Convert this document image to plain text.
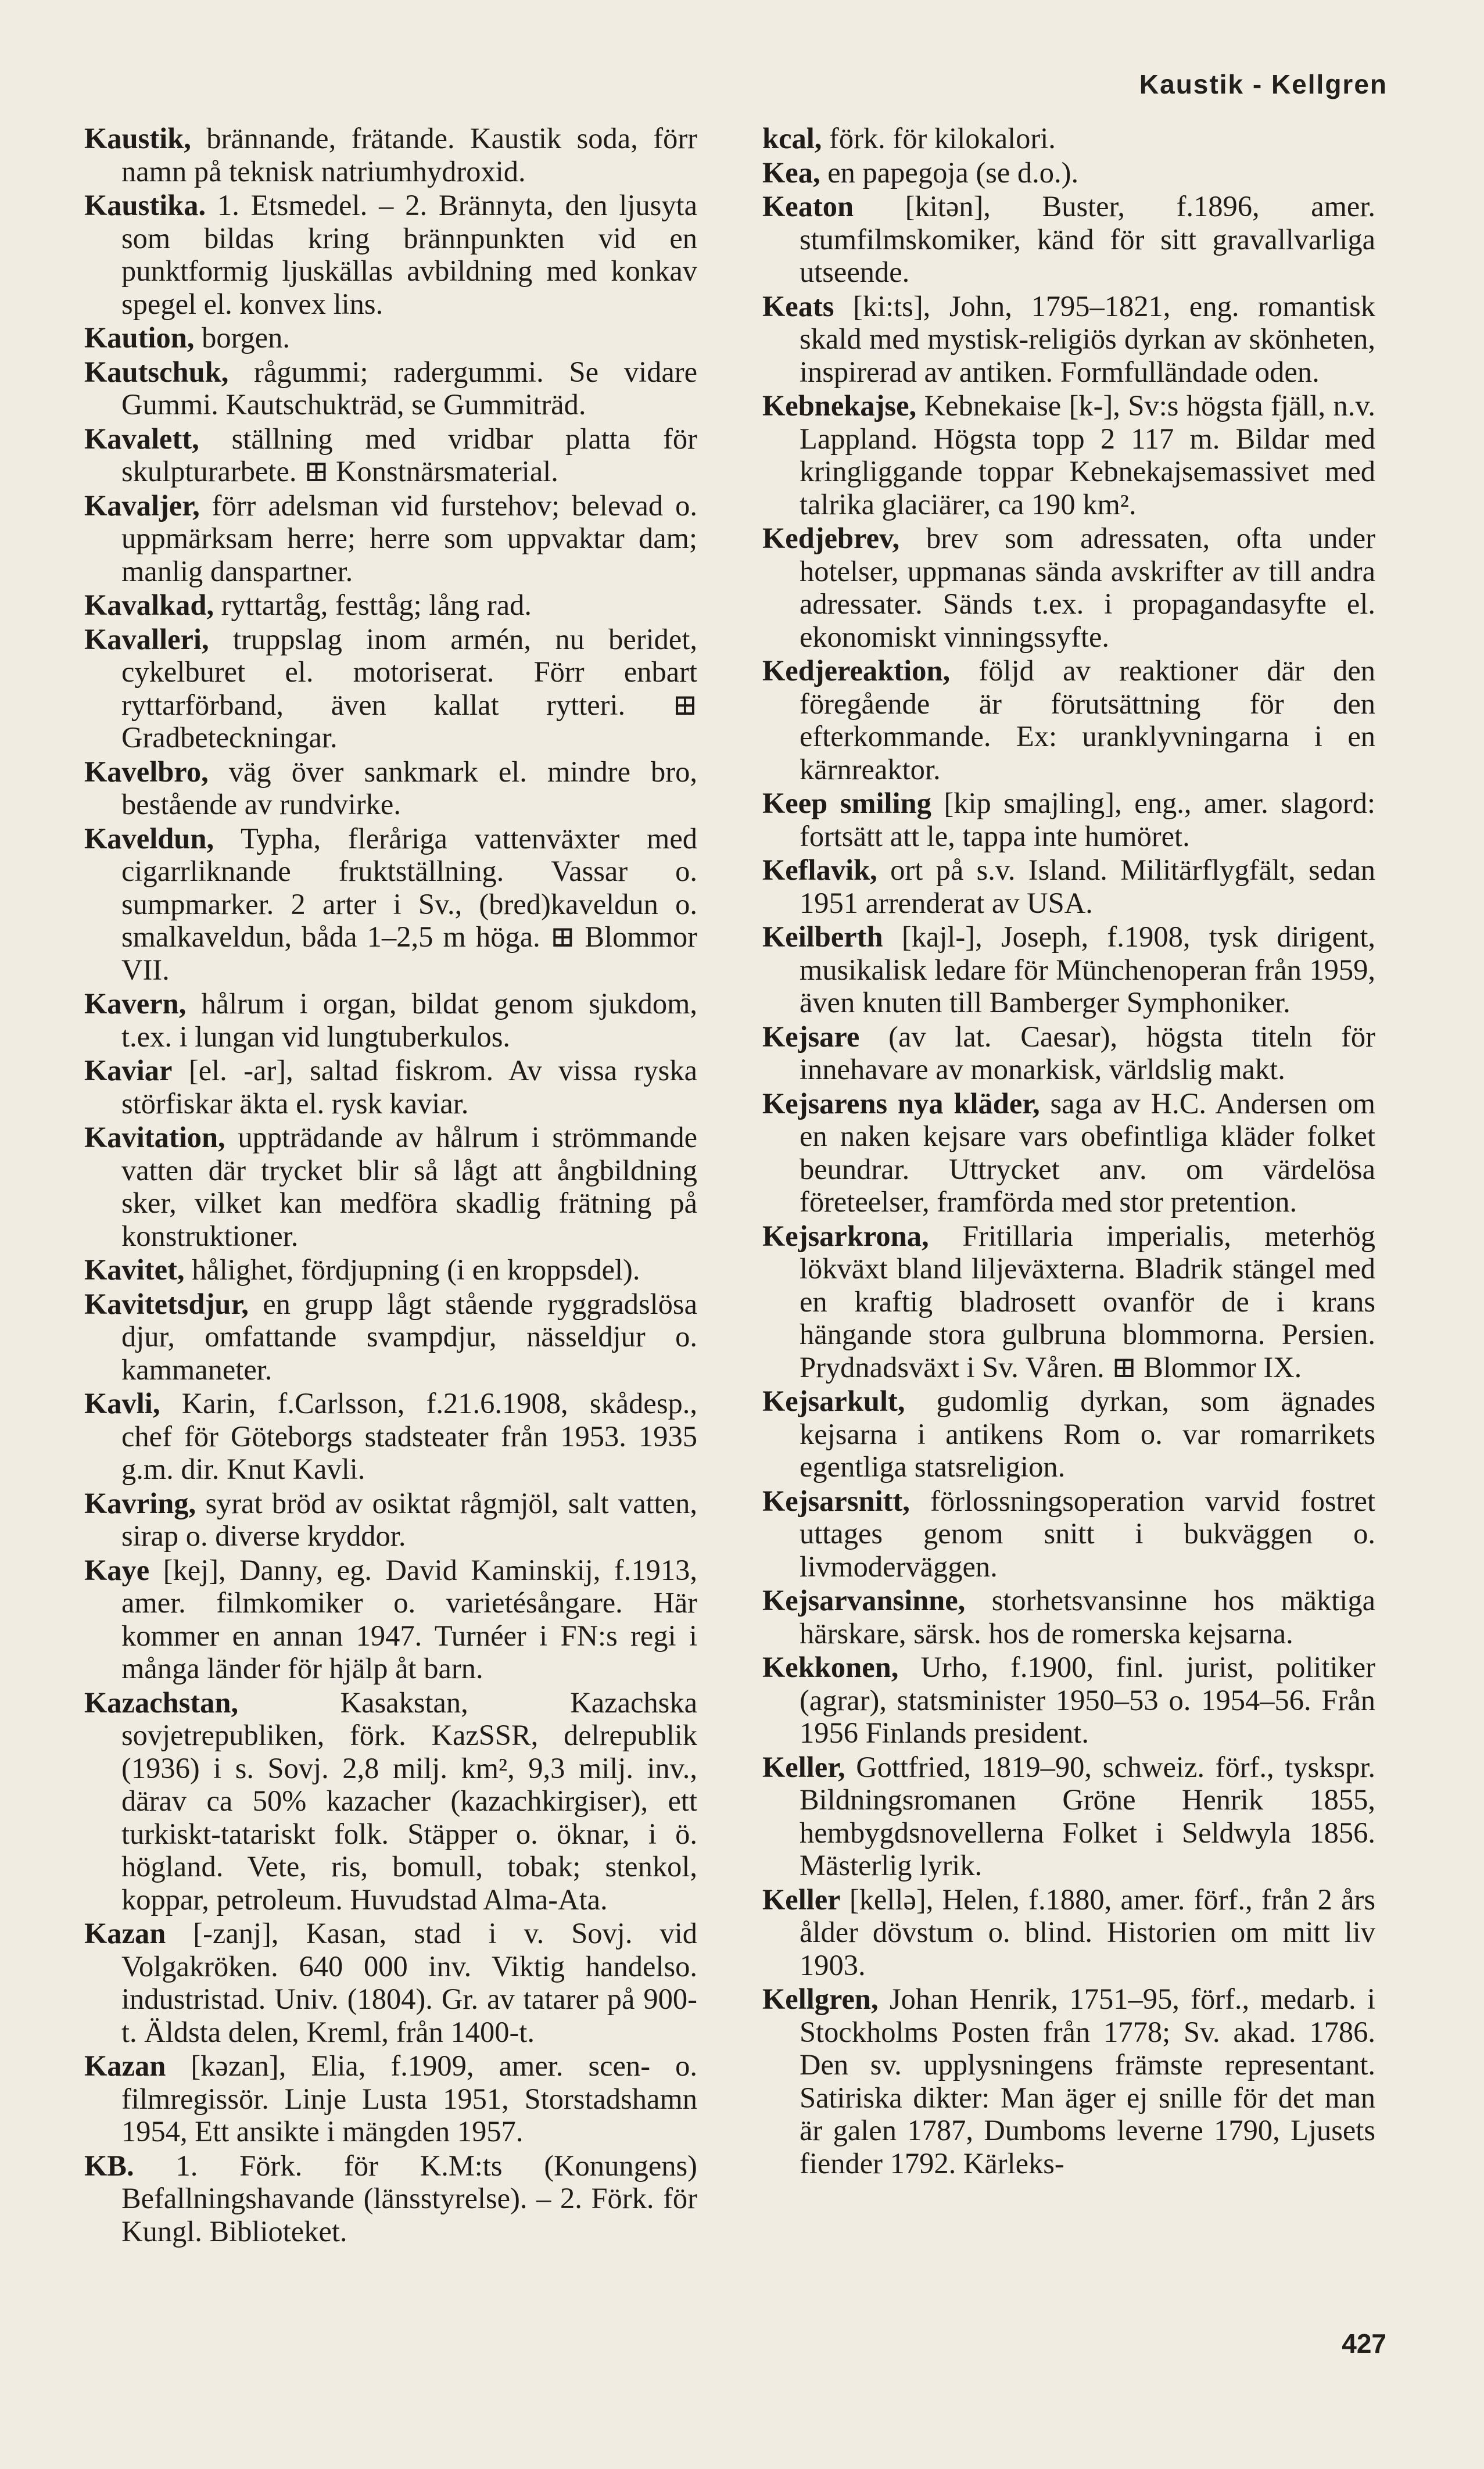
Kaustik - Kellgren

Kaustik, brännande, frätande. Kaustik soda, förr namn på teknisk natriumhydroxid.

Kaustika. 1. Etsmedel. – 2. Brännyta, den ljusyta som bildas kring brännpunkten vid en punktformig ljuskällas avbildning med konkav spegel el. konvex lins.

Kaution, borgen.

Kautschuk, rågummi; radergummi. Se vidare Gummi. Kautschukträd, se Gummiträd.

Kavalett, ställning med vridbar platta för skulpturarbete. ⊞ Konstnärsmaterial.

Kavaljer, förr adelsman vid furstehov; belevad o. uppmärksam herre; herre som uppvaktar dam; manlig danspartner.

Kavalkad, ryttartåg, festtåg; lång rad.

Kavalleri, truppslag inom armén, nu beridet, cykelburet el. motoriserat. Förr enbart ryttarförband, även kallat rytteri. ⊞ Gradbeteckningar.

Kavelbro, väg över sankmark el. mindre bro, bestående av rundvirke.

Kaveldun, Typha, fleråriga vattenväxter med cigarrliknande fruktställning. Vassar o. sumpmarker. 2 arter i Sv., (bred)kaveldun o. smalkaveldun, båda 1–2,5 m höga. ⊞ Blommor VII.

Kavern, hålrum i organ, bildat genom sjukdom, t.ex. i lungan vid lungtuberkulos.

Kaviar [el. -ar], saltad fiskrom. Av vissa ryska störfiskar äkta el. rysk kaviar.

Kavitation, uppträdande av hålrum i strömmande vatten där trycket blir så lågt att ångbildning sker, vilket kan medföra skadlig frätning på konstruktioner.

Kavitet, hålighet, fördjupning (i en kroppsdel).

Kavitetsdjur, en grupp lågt stående ryggradslösa djur, omfattande svampdjur, nässeldjur o. kammaneter.

Kavli, Karin, f.Carlsson, f.21.6.1908, skådesp., chef för Göteborgs stadsteater från 1953. 1935 g.m. dir. Knut Kavli.

Kavring, syrat bröd av osiktat rågmjöl, salt vatten, sirap o. diverse kryddor.

Kaye [kej], Danny, eg. David Kaminskij, f.1913, amer. filmkomiker o. varietésångare. Här kommer en annan 1947. Turnéer i FN:s regi i många länder för hjälp åt barn.

Kazachstan, Kasakstan, Kazachska sovjetrepubliken, förk. KazSSR, delrepublik (1936) i s. Sovj. 2,8 milj. km², 9,3 milj. inv., därav ca 50% kazacher (kazachkirgiser), ett turkiskt-tatariskt folk. Stäpper o. öknar, i ö. högland. Vete, ris, bomull, tobak; stenkol, koppar, petroleum. Huvudstad Alma-Ata.

Kazan [-zanj], Kasan, stad i v. Sovj. vid Volgakröken. 640 000 inv. Viktig handelso. industristad. Univ. (1804). Gr. av tatarer på 900-t. Äldsta delen, Kreml, från 1400-t.

Kazan [kəzan], Elia, f.1909, amer. scen- o. filmregissör. Linje Lusta 1951, Storstadshamn 1954, Ett ansikte i mängden 1957.

KB. 1. Förk. för K.M:ts (Konungens) Befallningshavande (länsstyrelse). – 2. Förk. för Kungl. Biblioteket.

kcal, förk. för kilokalori.

Kea, en papegoja (se d.o.).

Keaton [kitən], Buster, f.1896, amer. stumfilmskomiker, känd för sitt gravallvarliga utseende.

Keats [ki:ts], John, 1795–1821, eng. romantisk skald med mystisk-religiös dyrkan av skönheten, inspirerad av antiken. Formfulländade oden.

Kebnekajse, Kebnekaise [k-], Sv:s högsta fjäll, n.v. Lappland. Högsta topp 2 117 m. Bildar med kringliggande toppar Kebnekajsemassivet med talrika glaciärer, ca 190 km².

Kedjebrev, brev som adressaten, ofta under hotelser, uppmanas sända avskrifter av till andra adressater. Sänds t.ex. i propagandasyfte el. ekonomiskt vinningssyfte.

Kedjereaktion, följd av reaktioner där den föregående är förutsättning för den efterkommande. Ex: uranklyvningarna i en kärnreaktor.

Keep smiling [kip smajling], eng., amer. slagord: fortsätt att le, tappa inte humöret.

Keflavik, ort på s.v. Island. Militärflygfält, sedan 1951 arrenderat av USA.

Keilberth [kajl-], Joseph, f.1908, tysk dirigent, musikalisk ledare för Münchenoperan från 1959, även knuten till Bamberger Symphoniker.

Kejsare (av lat. Caesar), högsta titeln för innehavare av monarkisk, världslig makt.

Kejsarens nya kläder, saga av H.C. Andersen om en naken kejsare vars obefintliga kläder folket beundrar. Uttrycket anv. om värdelösa företeelser, framförda med stor pretention.

Kejsarkrona, Fritillaria imperialis, meterhög lökväxt bland liljeväxterna. Bladrik stängel med en kraftig bladrosett ovanför de i krans hängande stora gulbruna blommorna. Persien. Prydnadsväxt i Sv. Våren. ⊞ Blommor IX.

Kejsarkult, gudomlig dyrkan, som ägnades kejsarna i antikens Rom o. var romarrikets egentliga statsreligion.

Kejsarsnitt, förlossningsoperation varvid fostret uttages genom snitt i bukväggen o. livmoderväggen.

Kejsarvansinne, storhetsvansinne hos mäktiga härskare, särsk. hos de romerska kejsarna.

Kekkonen, Urho, f.1900, finl. jurist, politiker (agrar), statsminister 1950–53 o. 1954–56. Från 1956 Finlands president.

Keller, Gottfried, 1819–90, schweiz. förf., tyskspr. Bildningsromanen Gröne Henrik 1855, hembygdsnovellerna Folket i Seldwyla 1856. Mästerlig lyrik.

Keller [kellə], Helen, f.1880, amer. förf., från 2 års ålder dövstum o. blind. Historien om mitt liv 1903.

Kellgren, Johan Henrik, 1751–95, förf., medarb. i Stockholms Posten från 1778; Sv. akad. 1786. Den sv. upplysningens främste representant. Satiriska dikter: Man äger ej snille för det man är galen 1787, Dumboms leverne 1790, Ljusets fiender 1792. Kärleks-

427
